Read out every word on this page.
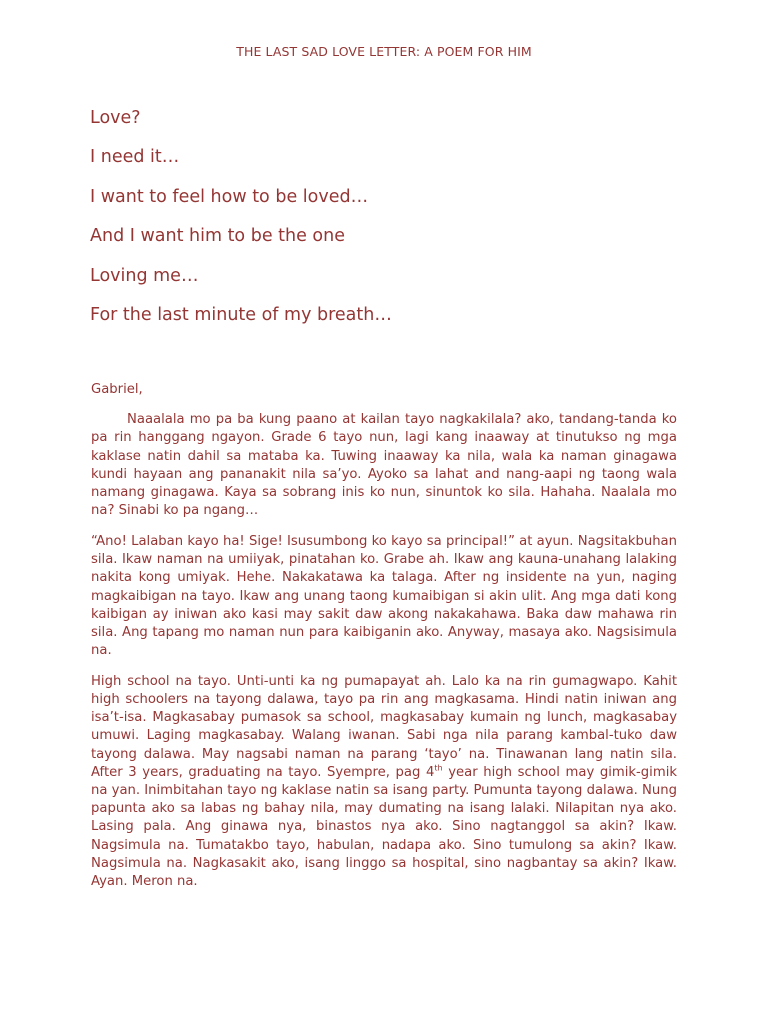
THE LAST SAD LOVE LETTER: A POEM FOR HIM
Love?
I need it…
I want to feel how to be loved…
And I want him to be the one
Loving me…
For the last minute of my breath…

Gabriel,

Naaalala mo pa ba kung paano at kailan tayo nagkakilala? ako, tandang-tanda ko pa rin hanggang ngayon. Grade 6 tayo nun, lagi kang inaaway at tinutukso ng mga kaklase natin dahil sa mataba ka. Tuwing inaaway ka nila, wala ka naman ginagawa kundi hayaan ang pananakit nila sa’yo. Ayoko sa lahat and nang-aapi ng taong wala namang ginagawa. Kaya sa sobrang inis ko nun, sinuntok ko sila. Hahaha. Naalala mo na? Sinabi ko pa ngang…

“Ano! Lalaban kayo ha! Sige! Isusumbong ko kayo sa principal!” at ayun. Nagsitakbuhan sila. Ikaw naman na umiiyak, pinatahan ko. Grabe ah. Ikaw ang kauna-unahang lalaking nakita kong umiyak. Hehe. Nakakatawa ka talaga. After ng insidente na yun, naging magkaibigan na tayo. Ikaw ang unang taong kumaibigan si akin ulit. Ang mga dati kong kaibigan ay iniwan ako kasi may sakit daw akong nakakahawa. Baka daw mahawa rin sila. Ang tapang mo naman nun para kaibiganin ako. Anyway, masaya ako. Nagsisimula na.

High school na tayo. Unti-unti ka ng pumapayat ah. Lalo ka na rin gumagwapo. Kahit high schoolers na tayong dalawa, tayo pa rin ang magkasama. Hindi natin iniwan ang isa’t-isa. Magkasabay pumasok sa school, magkasabay kumain ng lunch, magkasabay umuwi. Laging magkasabay. Walang iwanan. Sabi nga nila parang kambal-tuko daw tayong dalawa. May nagsabi naman na parang ‘tayo’ na. Tinawanan lang natin sila. After 3 years, graduating na tayo. Syempre, pag 4th year high school may gimik-gimik na yan. Inimbitahan tayo ng kaklase natin sa isang party. Pumunta tayong dalawa. Nung papunta ako sa labas ng bahay nila, may dumating na isang lalaki. Nilapitan nya ako. Lasing pala. Ang ginawa nya, binastos nya ako. Sino nagtanggol sa akin? Ikaw. Nagsimula na. Tumatakbo tayo, habulan, nadapa ako. Sino tumulong sa akin? Ikaw. Nagsimula na. Nagkasakit ako, isang linggo sa hospital, sino nagbantay sa akin? Ikaw. Ayan. Meron na.
